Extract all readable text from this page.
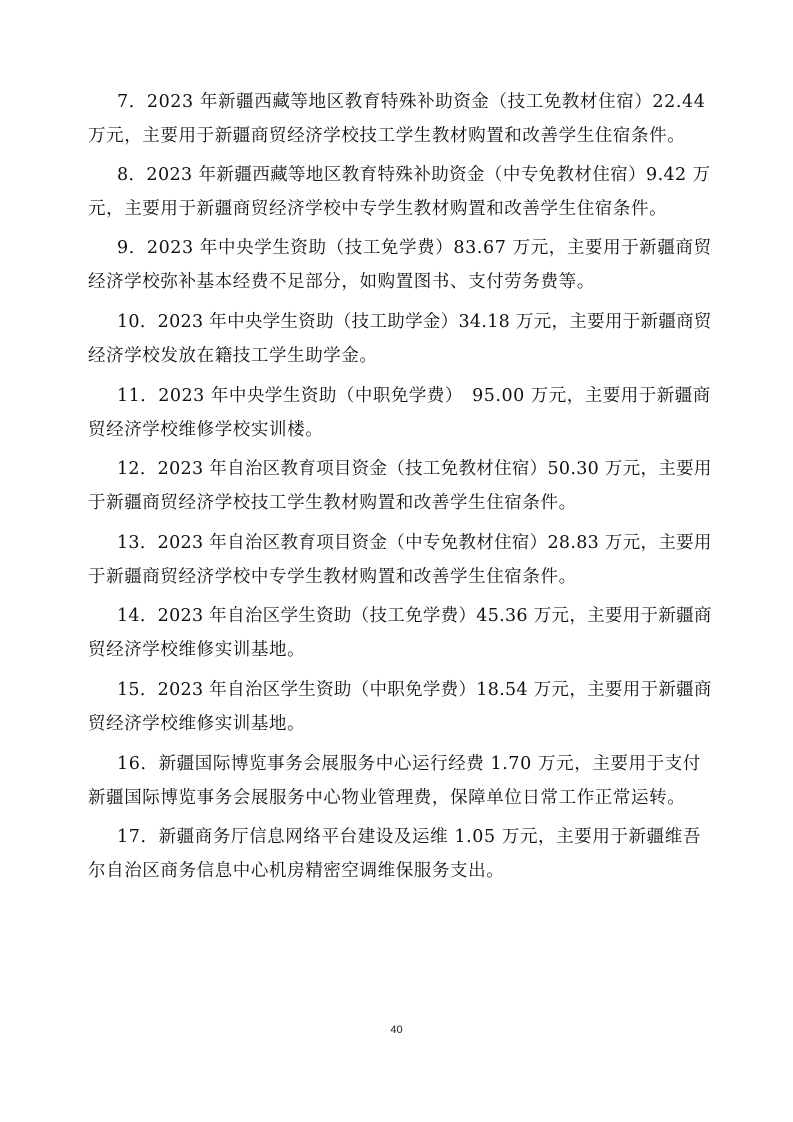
7．2023 年新疆西藏等地区教育特殊补助资金（技工免教材住宿）22.44
万元，主要用于新疆商贸经济学校技工学生教材购置和改善学生住宿条件。
8．2023 年新疆西藏等地区教育特殊补助资金（中专免教材住宿）9.42 万
元，主要用于新疆商贸经济学校中专学生教材购置和改善学生住宿条件。
9．2023 年中央学生资助（技工免学费）83.67 万元，主要用于新疆商贸
经济学校弥补基本经费不足部分，如购置图书、支付劳务费等。
10．2023 年中央学生资助（技工助学金）34.18 万元，主要用于新疆商贸
经济学校发放在籍技工学生助学金。
11．2023 年中央学生资助（中职免学费）　95.00 万元，主要用于新疆商
贸经济学校维修学校实训楼。
12．2023 年自治区教育项目资金（技工免教材住宿）50.30 万元，主要用
于新疆商贸经济学校技工学生教材购置和改善学生住宿条件。
13．2023 年自治区教育项目资金（中专免教材住宿）28.83 万元，主要用
于新疆商贸经济学校中专学生教材购置和改善学生住宿条件。
14．2023 年自治区学生资助（技工免学费）45.36 万元，主要用于新疆商
贸经济学校维修实训基地。
15．2023 年自治区学生资助（中职免学费）18.54 万元，主要用于新疆商
贸经济学校维修实训基地。
16．新疆国际博览事务会展服务中心运行经费 1.70 万元，主要用于支付
新疆国际博览事务会展服务中心物业管理费，保障单位日常工作正常运转。
17．新疆商务厅信息网络平台建设及运维 1.05 万元，主要用于新疆维吾
尔自治区商务信息中心机房精密空调维保服务支出。
40
